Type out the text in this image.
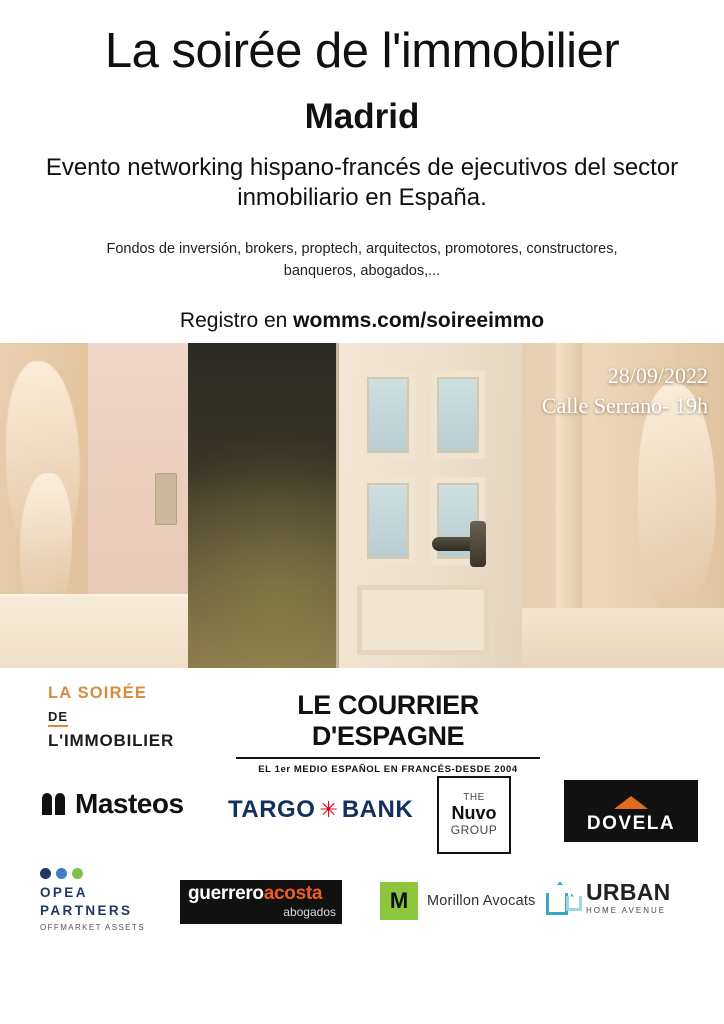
La soirée de l'immobilier
Madrid
Evento networking hispano-francés de ejecutivos del sector inmobiliario en España.
Fondos de inversión, brokers, proptech, arquitectos, promotores, constructores, banqueros, abogados,...
Registro en womms.com/soireeimmo
28/09/2022
Calle Serrano- 19h
LA SOIRÉE
DE
L'IMMOBILIER
LE COURRIER D'ESPAGNE
EL 1er MEDIO ESPAÑOL EN FRANCÉS-DESDE 2004
Masteos TARGO ✳ BANK	THE
Nuvo
GROUP	DOVELA
OPEA
PARTNERS
OFFMARKET ASSETS
guerreroacosta
abogados	M	Morillon Avocats URBAN
HOME AVENUE
